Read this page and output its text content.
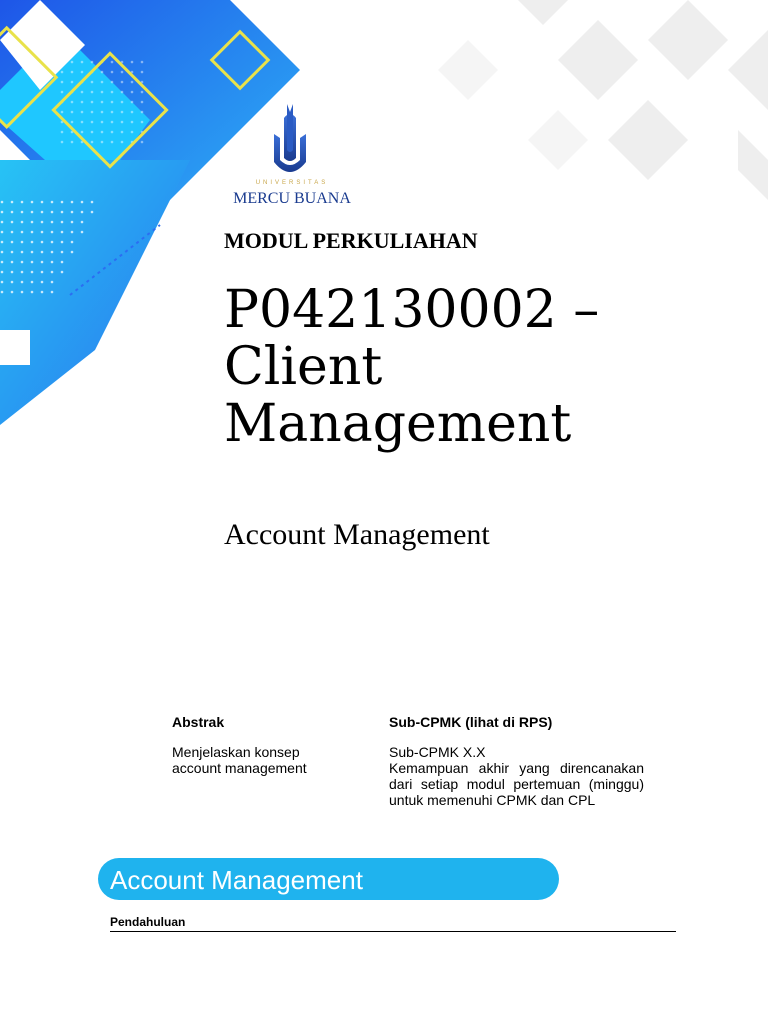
UNIVERSITAS
MERCU BUANA
MODUL PERKULIAHAN
P042130002 –
Client
Management
Account Management
Abstrak

Menjelaskan konsep account management

Sub-CPMK (lihat di RPS)

Sub-CPMK X.X

Kemampuan akhir yang direncanakan dari setiap modul pertemuan (minggu) untuk memenuhi CPMK dan CPL

Account Management
Pendahuluan
